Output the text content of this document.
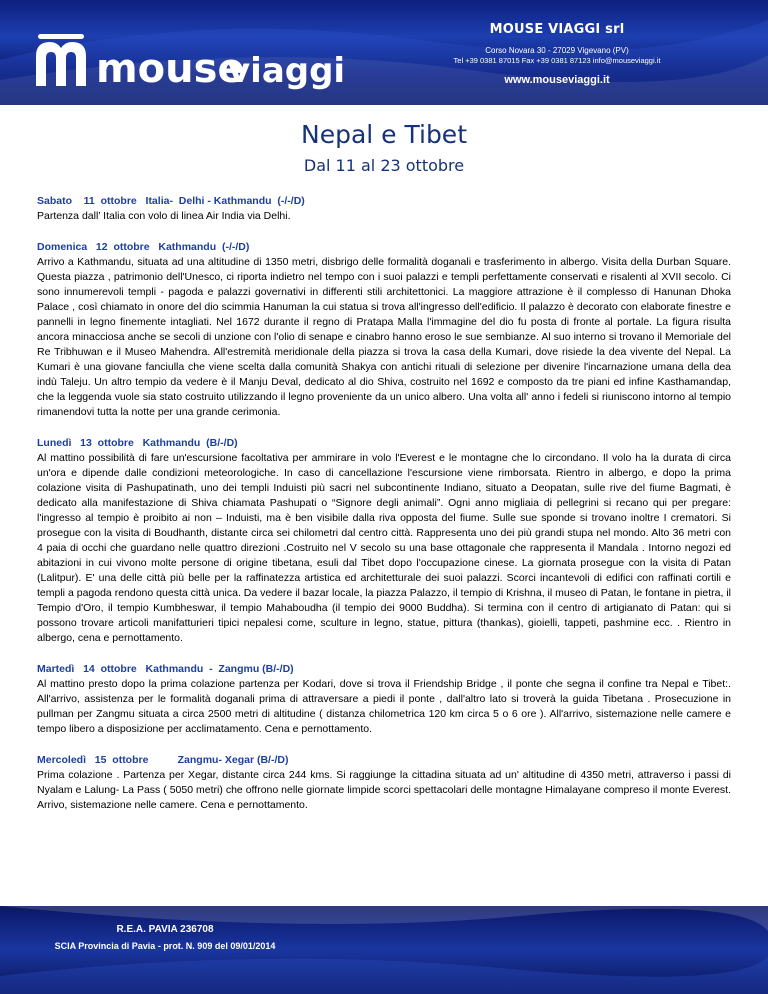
mouse
viaggi
MOUSE VIAGGI srl
Corso Novara 30 - 27029 Vigevano (PV)
Tel +39 0381 87015 Fax +39 0381 87123 info@mouseviaggi.it
www.mouseviaggi.it
Nepal e Tibet
Dal 11 al 23 ottobre
Sabato    11  ottobre   Italia-  Delhi - Kathmandu  (-/-/D)

Partenza dall’ Italia con volo di linea Air India via Delhi.

Domenica   12  ottobre   Kathmandu  (-/-/D)

Arrivo a Kathmandu, situata ad una altitudine di 1350 metri, disbrigo delle formalità doganali e trasferimento in albergo. Visita della Durban Square. Questa piazza , patrimonio dell'Unesco, ci riporta indietro nel tempo con i suoi palazzi e templi perfettamente conservati e risalenti al XVII secolo. Ci sono innumerevoli templi - pagoda e palazzi governativi in differenti stili architettonici. La maggiore attrazione è il complesso di Hanunan Dhoka Palace , così chiamato in onore del dio scimmia Hanuman la cui statua si trova all'ingresso dell'edificio. Il palazzo è decorato con elaborate finestre e pannelli in legno finemente intagliati. Nel 1672 durante il regno di Pratapa Malla l'immagine del dio fu posta di fronte al portale. La figura risulta ancora minacciosa anche se secoli di unzione con l'olio di senape e cinabro hanno eroso le sue sembianze. Al suo interno si trovano il Memoriale del Re Tribhuwan e il Museo Mahendra. All'estremità meridionale della piazza si trova la casa della Kumari, dove risiede la dea vivente del Nepal. La Kumari è una giovane fanciulla che viene scelta dalla comunità Shakya con antichi rituali di selezione per divenire l'incarnazione umana della dea indù Taleju. Un altro tempio da vedere è il Manju Deval, dedicato al dio Shiva, costruito nel 1692 e composto da tre piani ed infine Kasthamandap, che la leggenda vuole sia stato costruito utilizzando il legno proveniente da un unico albero. Una volta all' anno i fedeli si riuniscono intorno al tempio rimanendovi tutta la notte per una grande cerimonia.

Lunedì   13  ottobre   Kathmandu  (B/-/D)

Al mattino possibilità di fare un'escursione facoltativa per ammirare in volo l'Everest e le montagne che lo circondano. Il volo ha la durata di circa un'ora e dipende dalle condizioni meteorologiche. In caso di cancellazione l'escursione viene rimborsata. Rientro in albergo, e dopo la prima colazione visita di Pashupatinath, uno dei templi Induisti più sacri nel subcontinente Indiano, situato a Deopatan, sulle rive del fiume Bagmati, è dedicato alla manifestazione di Shiva chiamata Pashupati o “Signore degli animali”. Ogni anno migliaia di pellegrini si recano qui per pregare: l'ingresso al tempio è proibito ai non – Induisti, ma è ben visibile dalla riva opposta del fiume. Sulle sue sponde si trovano inoltre I crematori. Si prosegue con la visita di Boudhanth, distante circa sei chilometri dal centro città. Rappresenta uno dei più grandi stupa nel mondo. Alto 36 metri con 4 paia di occhi che guardano nelle quattro direzioni .Costruito nel V secolo su una base ottagonale che rappresenta il Mandala . Intorno negozi ed abitazioni in cui vivono molte persone di origine tibetana, esuli dal Tibet dopo l'occupazione cinese. La giornata prosegue con la visita di Patan (Lalitpur). E' una delle città più belle per la raffinatezza artistica ed architetturale dei suoi palazzi. Scorci incantevoli di edifici con raffinati cortili e templi a pagoda rendono questa città unica. Da vedere il bazar locale, la piazza Palazzo, il tempio di Krishna, il museo di Patan, le fontane in pietra, il Tempio d'Oro, il tempio Kumbheswar, il tempio Mahaboudha (il tempio dei 9000 Buddha). Si termina con il centro di artigianato di Patan: qui si possono trovare articoli manifatturieri tipici nepalesi come, sculture in legno, statue, pittura (thankas), gioielli, tappeti, pashmine ecc. . Rientro in albergo, cena e pernottamento.

Martedì   14  ottobre   Kathmandu  -  Zangmu (B/-/D)

Al mattino presto dopo la prima colazione partenza per Kodari, dove si trova il Friendship Bridge , il ponte che segna il confine tra Nepal e Tibet:. All'arrivo, assistenza per le formalità doganali prima di attraversare a piedi il ponte , dall'altro lato si troverà la guida Tibetana . Prosecuzione in pullman per Zangmu situata a circa 2500 metri di altitudine ( distanza chilometrica 120 km circa 5 o 6 ore ). All'arrivo, sistemazione nelle camere e tempo libero a disposizione per acclimatamento. Cena e pernottamento.

Mercoledì   15  ottobre          Zangmu- Xegar (B/-/D)

Prima colazione . Partenza per Xegar, distante circa 244 kms. Si raggiunge la cittadina situata ad un' altitudine di 4350 metri, attraverso i passi di Nyalam e Lalung- La Pass ( 5050 metri) che offrono nelle giornate limpide scorci spettacolari delle montagne Himalayane compreso il monte Everest. Arrivo, sistemazione nelle camere. Cena e pernottamento.

R.E.A. PAVIA 236708
SCIA Provincia di Pavia - prot. N. 909 del 09/01/2014
